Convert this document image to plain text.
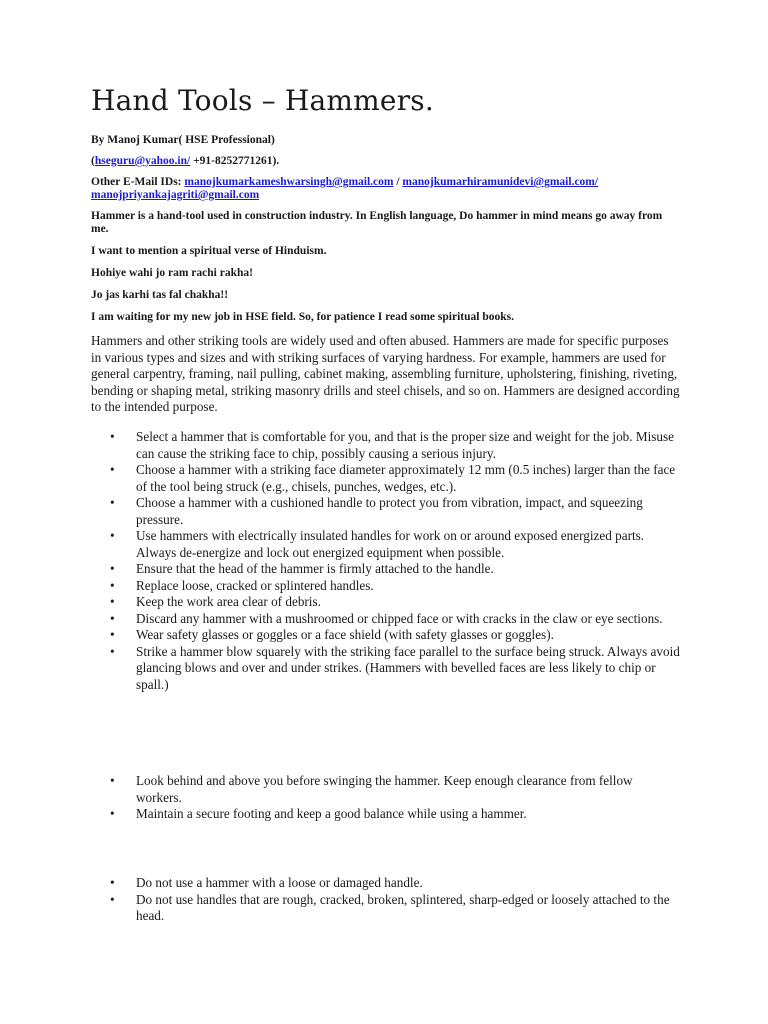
Hand Tools – Hammers.

By Manoj Kumar( HSE Professional)

(hseguru@yahoo.in/ +91-8252771261).

Other E-Mail IDs: manojkumarkameshwarsingh@gmail.com / manojkumarhiramunidevi@gmail.com/
manojpriyankajagriti@gmail.com

Hammer is a hand-tool used in construction industry. In English language, Do hammer in mind means go away from me.

I want to mention a spiritual verse of Hinduism.

Hohiye wahi jo ram rachi rakha!

Jo jas karhi tas fal chakha!!

I am waiting for my new job in HSE field. So, for patience I read some spiritual books.

Hammers and other striking tools are widely used and often abused. Hammers are made for specific purposes in various types and sizes and with striking surfaces of varying hardness. For example, hammers are used for general carpentry, framing, nail pulling, cabinet making, assembling furniture, upholstering, finishing, riveting, bending or shaping metal, striking masonry drills and steel chisels, and so on. Hammers are designed according to the intended purpose.

• Select a hammer that is comfortable for you, and that is the proper size and weight for the job. Misuse can cause the striking face to chip, possibly causing a serious injury.
• Choose a hammer with a striking face diameter approximately 12 mm (0.5 inches) larger than the face of the tool being struck (e.g., chisels, punches, wedges, etc.).
• Choose a hammer with a cushioned handle to protect you from vibration, impact, and squeezing pressure.
• Use hammers with electrically insulated handles for work on or around exposed energized parts. Always de-energize and lock out energized equipment when possible.
• Ensure that the head of the hammer is firmly attached to the handle.
• Replace loose, cracked or splintered handles.
• Keep the work area clear of debris.
• Discard any hammer with a mushroomed or chipped face or with cracks in the claw or eye sections.
• Wear safety glasses or goggles or a face shield (with safety glasses or goggles).
• Strike a hammer blow squarely with the striking face parallel to the surface being struck. Always avoid glancing blows and over and under strikes. (Hammers with bevelled faces are less likely to chip or spall.)
• Look behind and above you before swinging the hammer. Keep enough clearance from fellow workers.
• Maintain a secure footing and keep a good balance while using a hammer.
• Do not use a hammer with a loose or damaged handle.
• Do not use handles that are rough, cracked, broken, splintered, sharp-edged or loosely attached to the head.
